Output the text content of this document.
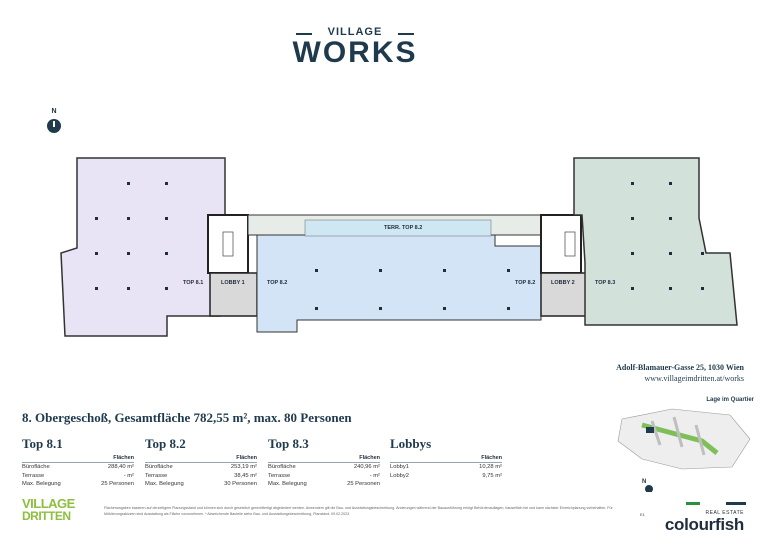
VILLAGE
WORKS
N
TOP 8.1	LOBBY 1	TOP 8.2
TERR. TOP 8.2
TOP 8.2	LOBBY 2	TOP 8.3
Adolf-Blamauer-Gasse 25, 1030 Wien
www.villageimdritten.at/works
8. Obergeschoß, Gesamtfläche 782,55 m², max. 80 Personen
Top 8.1
Flächen
Bürofläche	288,40 m²
Terrasse	- m²
Max. Belegung	25 Personen
Top 8.2
Flächen
Bürofläche	253,19 m²
Terrasse	38,45 m²
Max. Belegung	30 Personen
Top 8.3
Flächen
Bürofläche	240,96 m²
Terrasse	- m²
Max. Belegung	25 Personen
Lobbys
Flächen
Lobby1	10,28 m²
Lobby2	9,75 m²
Lage im Quartier
N
VILLAGE
DRITTEN
Flächenangaben basieren auf derzeitigem Planungsstand und können sich durch gesetzlich gerechtfertigt abgeändert werden. Anwendern gilt die Bau- und Ausstattungsbeschreibung. Änderungen während der Bauausführung erfolgt Behördenauflagen, bauseitlich bei und kann nächster Einreichplanung vorbehalten. Für Möblierungsskizzen sind Ausstattung als Fläche vorzunehmen. * Abweichende Bauteile siehe Bau- und Ausstattungsbeschreibung, Planstand: 09.02.2023	E1	REAL ESTATE
colourfish
